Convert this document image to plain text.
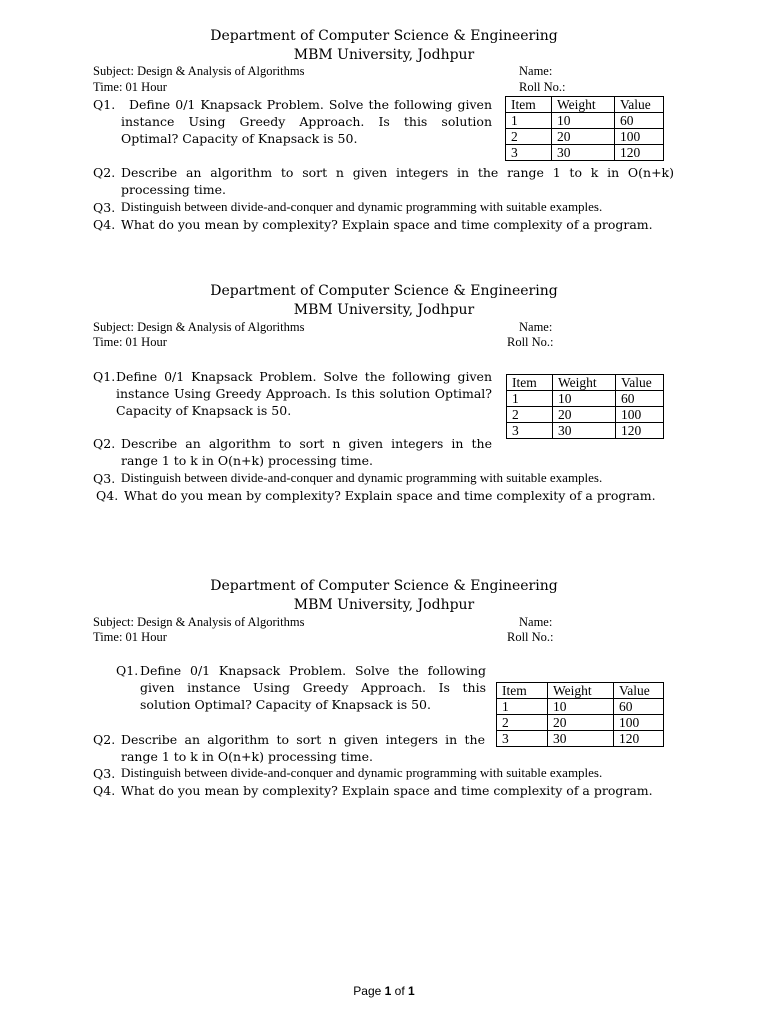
Department of Computer Science & Engineering
MBM University, Jodhpur
Subject: Design & Analysis of Algorithms	Name:
Time: 01 Hour	Roll No.:
Q1.	Define 0/1 Knapsack Problem. Solve the following given instance Using Greedy Approach. Is this solution Optimal? Capacity of Knapsack is 50.
Item	Weight	Value
1	10	60
2	20	100
3	30	120
Q2. Describe an algorithm to sort n given integers in the range 1 to k in O(n+k) processing time.
Q3. Distinguish between divide-and-conquer and dynamic programming with suitable examples.
Q4. What do you mean by complexity? Explain space and time complexity of a program.
Department of Computer Science & Engineering
MBM University, Jodhpur
Subject: Design & Analysis of Algorithms	Name:
Time: 01 Hour	Roll No.:
Q1. Define 0/1 Knapsack Problem. Solve the following given instance Using Greedy Approach. Is this solution Optimal? Capacity of Knapsack is 50.
Item	Weight	Value
1	10	60
2	20	100
3	30	120
Q2. Describe an algorithm to sort n given integers in the range 1 to k in O(n+k) processing time.
Q3. Distinguish between divide-and-conquer and dynamic programming with suitable examples.
Q4. What do you mean by complexity? Explain space and time complexity of a program.
Department of Computer Science & Engineering
MBM University, Jodhpur
Subject: Design & Analysis of Algorithms	Name:
Time: 01 Hour	Roll No.:
Q1. Define 0/1 Knapsack Problem. Solve the following given instance Using Greedy Approach. Is this solution Optimal? Capacity of Knapsack is 50.
Item	Weight	Value
1	10	60
2	20	100
3	30	120
Q2. Describe an algorithm to sort n given integers in the range 1 to k in O(n+k) processing time.
Q3. Distinguish between divide-and-conquer and dynamic programming with suitable examples.
Q4. What do you mean by complexity? Explain space and time complexity of a program.
Page 1 of 1
